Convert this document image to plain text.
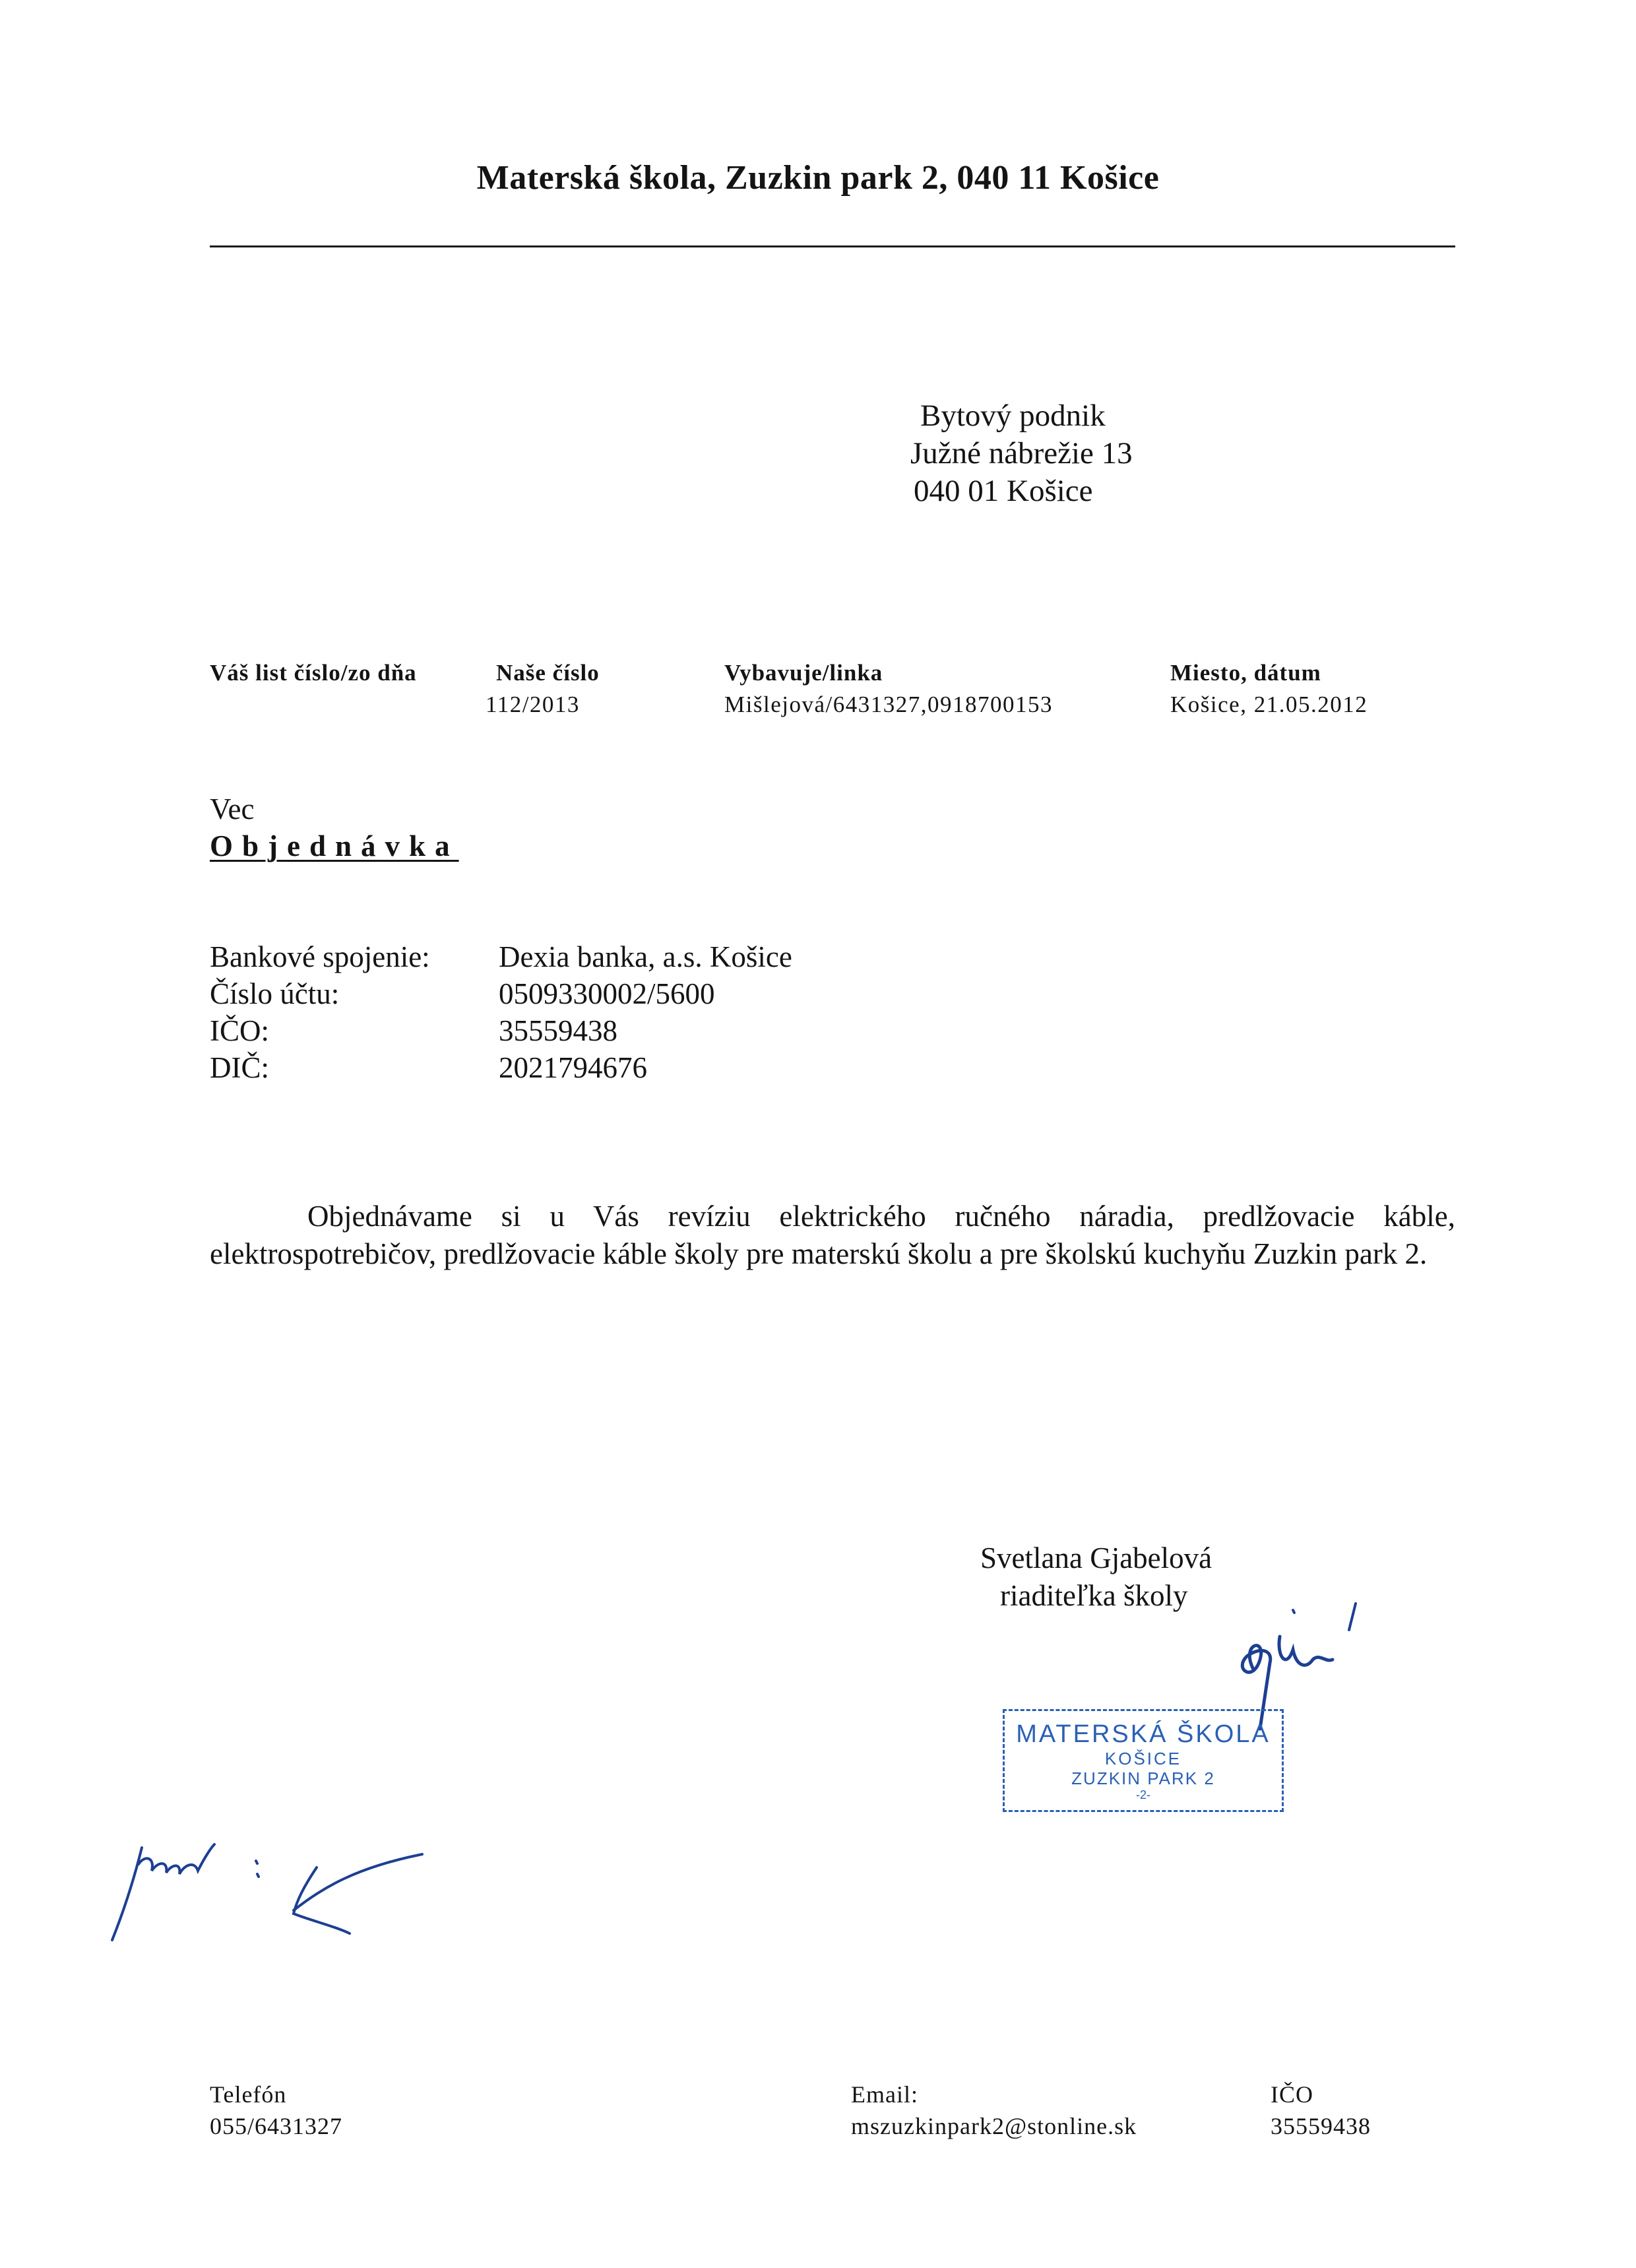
Materská škola, Zuzkin park 2, 040 11 Košice
Bytový podnik
Južné nábrežie 13
040 01 Košice
Váš list číslo/zo dňa	Naše číslo
112/2013
Vybavuje/linka
Mišlejová/6431327,0918700153
Miesto, dátum
Košice, 21.05.2012
Vec
Objednávka
Bankové spojenie:
Číslo účtu:
IČO:
DIČ:
Dexia banka, a.s. Košice
0509330002/5600
35559438
2021794676
Objednávame si u Vás revíziu elektrického ručného náradia, predlžovacie káble, elektrospotrebičov, predlžovacie káble školy pre materskú školu a pre školskú kuchyňu Zuzkin park 2.
Svetlana Gjabelová
riaditeľka školy
MATERSKÁ ŠKOLA
KOŠICE
ZUZKIN PARK 2
-2-
Telefón
055/6431327
Email:
mszuzkinpark2@stonline.sk
IČO
35559438
